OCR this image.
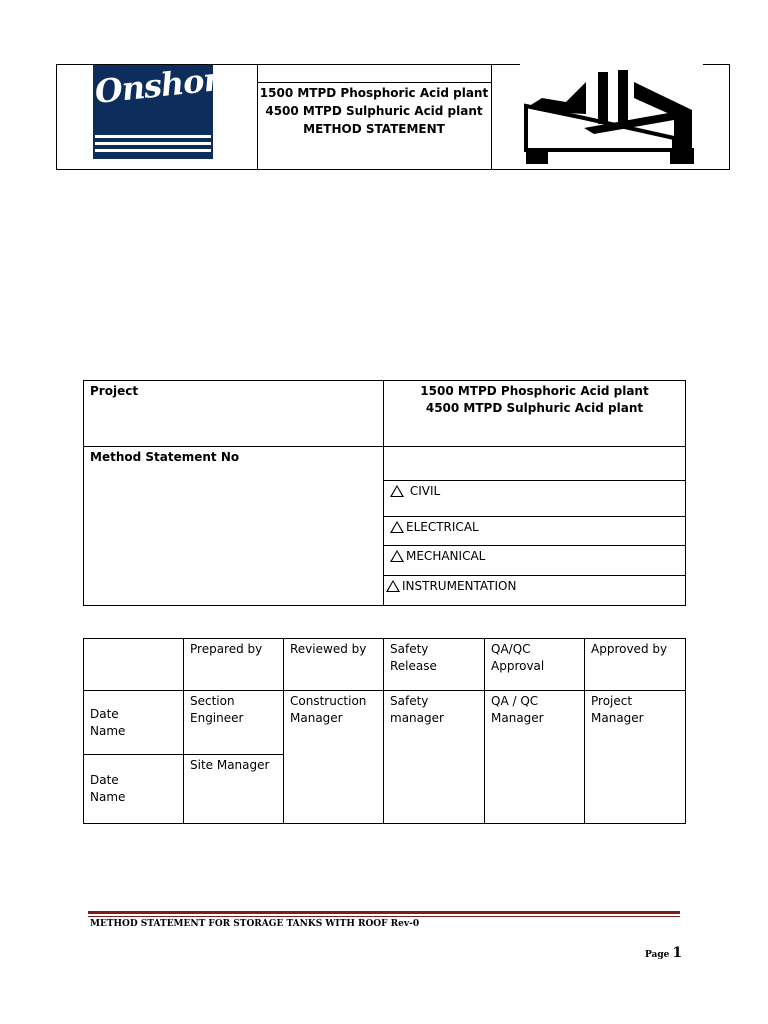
Onshore 1500 MTPD Phosphoric Acid plant
4500 MTPD Sulphuric Acid plant
METHOD STATEMENT
Project	1500 MTPD Phosphoric Acid plant
4500 MTPD Sulphuric Acid plant

Method Statement No	
	CIVIL
	ELECTRICAL
	MECHANICAL
	INSTRUMENTATION
	Prepared by	Reviewed by	Safety Release	QA/QC Approval	Approved by

Date
Name	Section Engineer	Construction Manager	Safety manager	QA / QC Manager	Project Manager

Date
Name	Site Manager				
METHOD STATEMENT FOR STORAGE TANKS WITH ROOF Rev-0
Page 1
